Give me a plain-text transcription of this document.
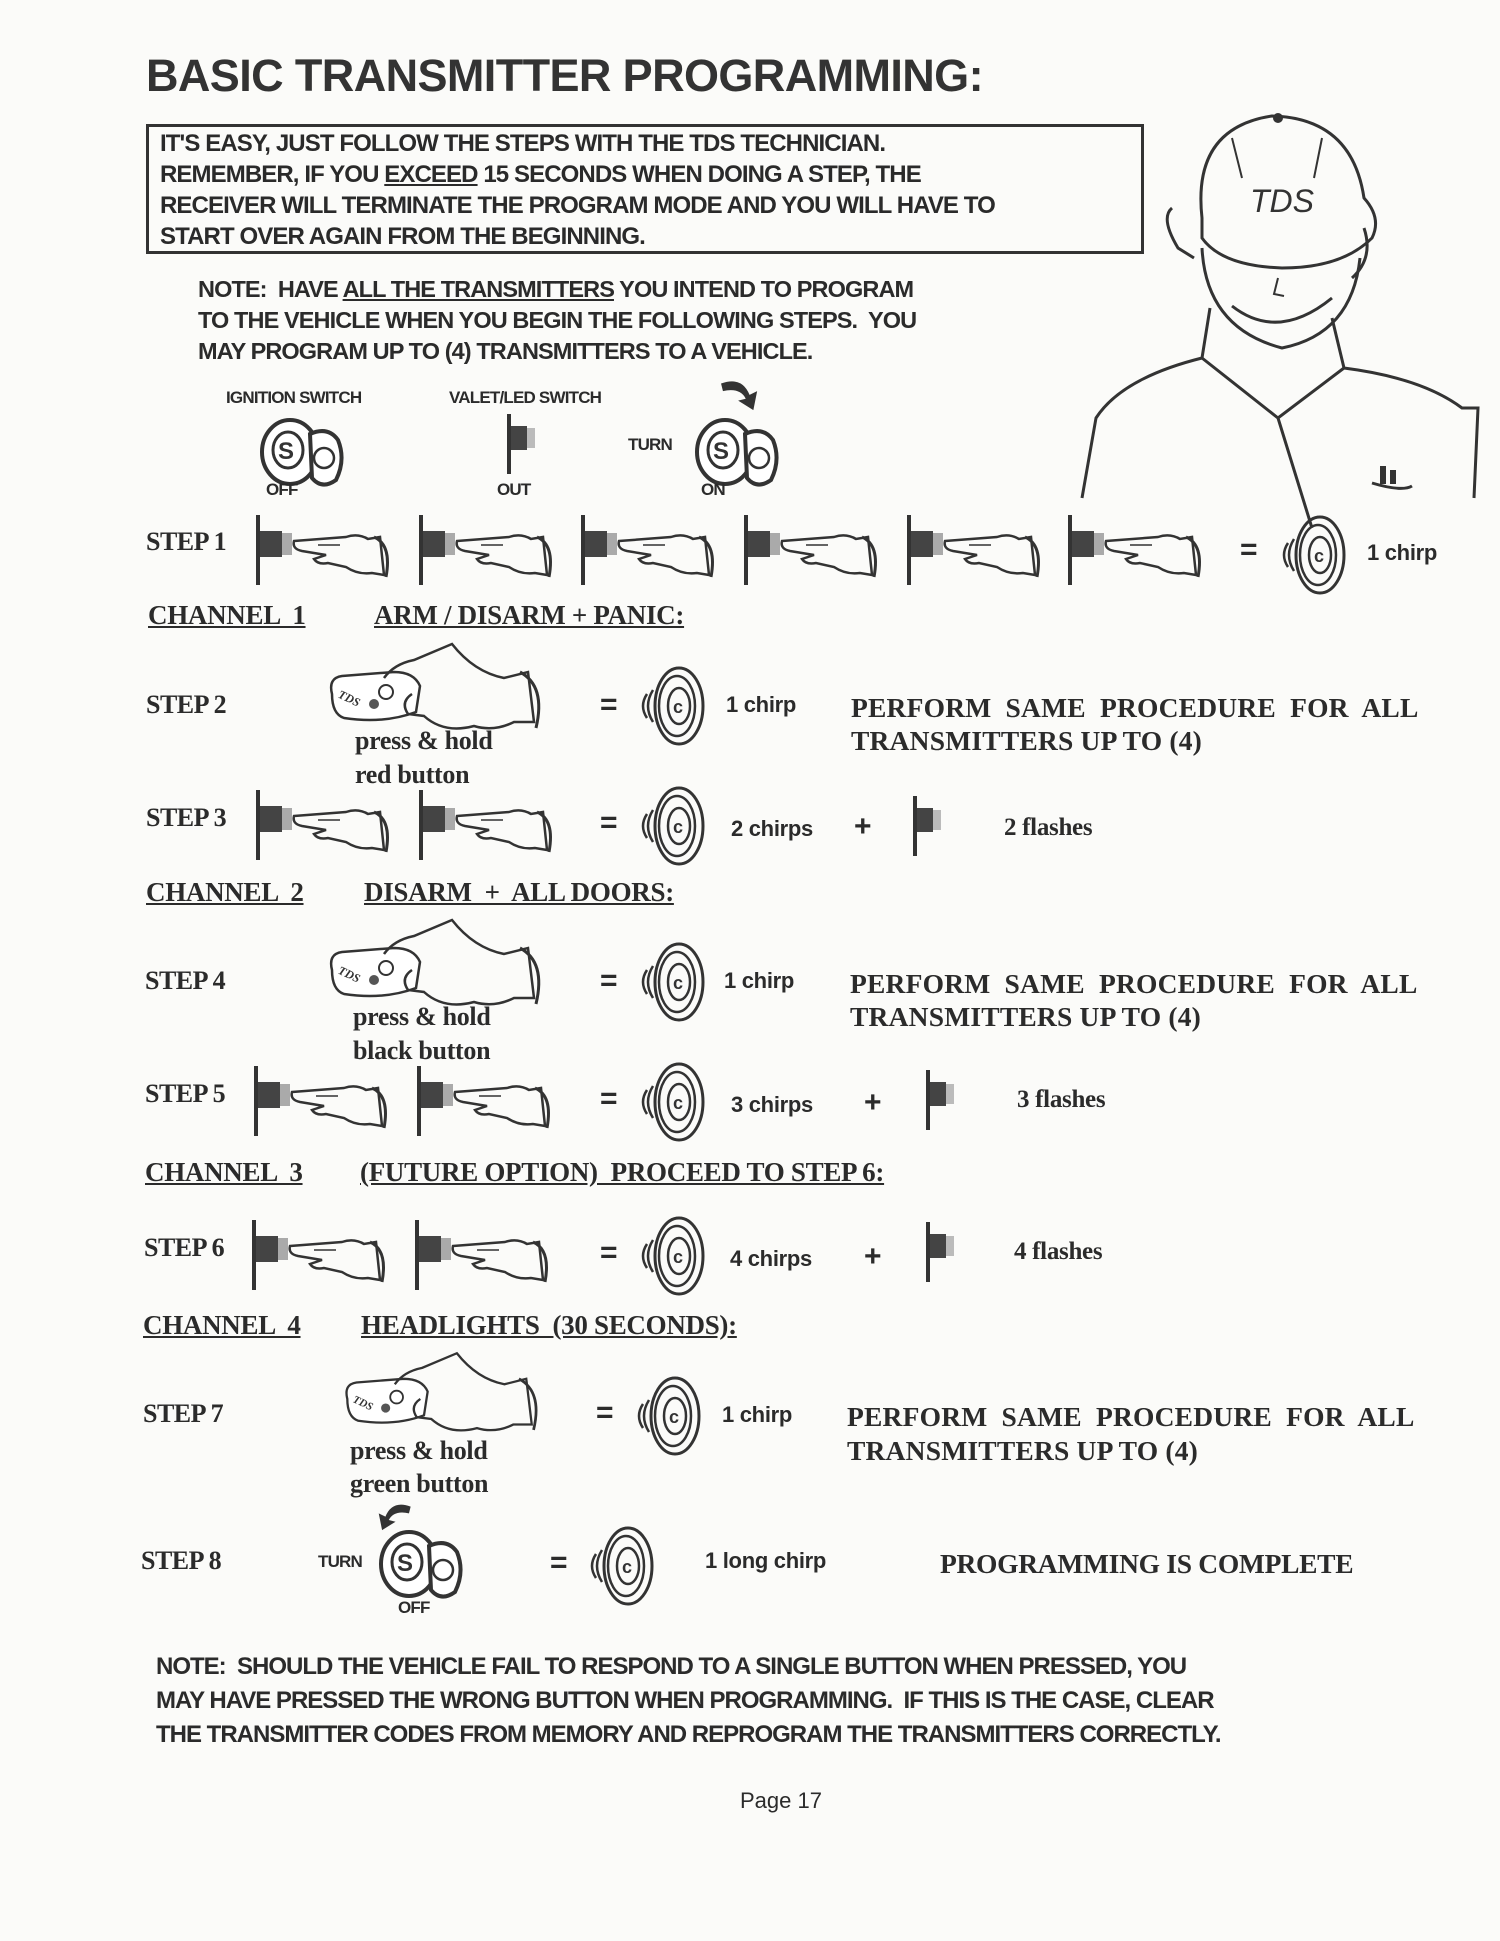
BASIC TRANSMITTER PROGRAMMING:
IT'S EASY, JUST FOLLOW THE STEPS WITH THE TDS TECHNICIAN.
REMEMBER, IF YOU EXCEED 15 SECONDS WHEN DOING A STEP, THE
RECEIVER WILL TERMINATE THE PROGRAM MODE AND YOU WILL HAVE TO
START OVER AGAIN FROM THE BEGINNING.
NOTE:  HAVE ALL THE TRANSMITTERS YOU INTEND TO PROGRAM
TO THE VEHICLE WHEN YOU BEGIN THE FOLLOWING STEPS.  YOU
MAY PROGRAM UP TO (4) TRANSMITTERS TO A VEHICLE.
TDS
IGNITION SWITCH	VALET/LED SWITCH
OFF	OUT
TURN
ON
STEP 1	=	1 chirp
CHANNEL  1	ARM / DISARM + PANIC:
STEP 2
press & hold
red button
=	1 chirp PERFORM  SAME  PROCEDURE  FOR  ALL
TRANSMITTERS UP TO (4)
STEP 3	=	2 chirps +	2 flashes
CHANNEL  2 DISARM  +  ALL DOORS:
STEP 4
press & hold
black button
=	1 chirp PERFORM  SAME  PROCEDURE  FOR  ALL
TRANSMITTERS UP TO (4)
STEP 5	=	3 chirps +	3 flashes
CHANNEL  3 (FUTURE OPTION)  PROCEED TO STEP 6:
STEP 6	=	4 chirps +	4 flashes
CHANNEL  4 HEADLIGHTS  (30 SECONDS):
STEP 7
press & hold
green button
=	1 chirp PERFORM  SAME  PROCEDURE  FOR  ALL
TRANSMITTERS UP TO (4)
STEP 8	TURN
OFF
=	1 long chirp	PROGRAMMING IS COMPLETE
NOTE:  SHOULD THE VEHICLE FAIL TO RESPOND TO A SINGLE BUTTON WHEN PRESSED, YOU
MAY HAVE PRESSED THE WRONG BUTTON WHEN PROGRAMMING.  IF THIS IS THE CASE, CLEAR
THE TRANSMITTER CODES FROM MEMORY AND REPROGRAM THE TRANSMITTERS CORRECTLY.
Page 17
